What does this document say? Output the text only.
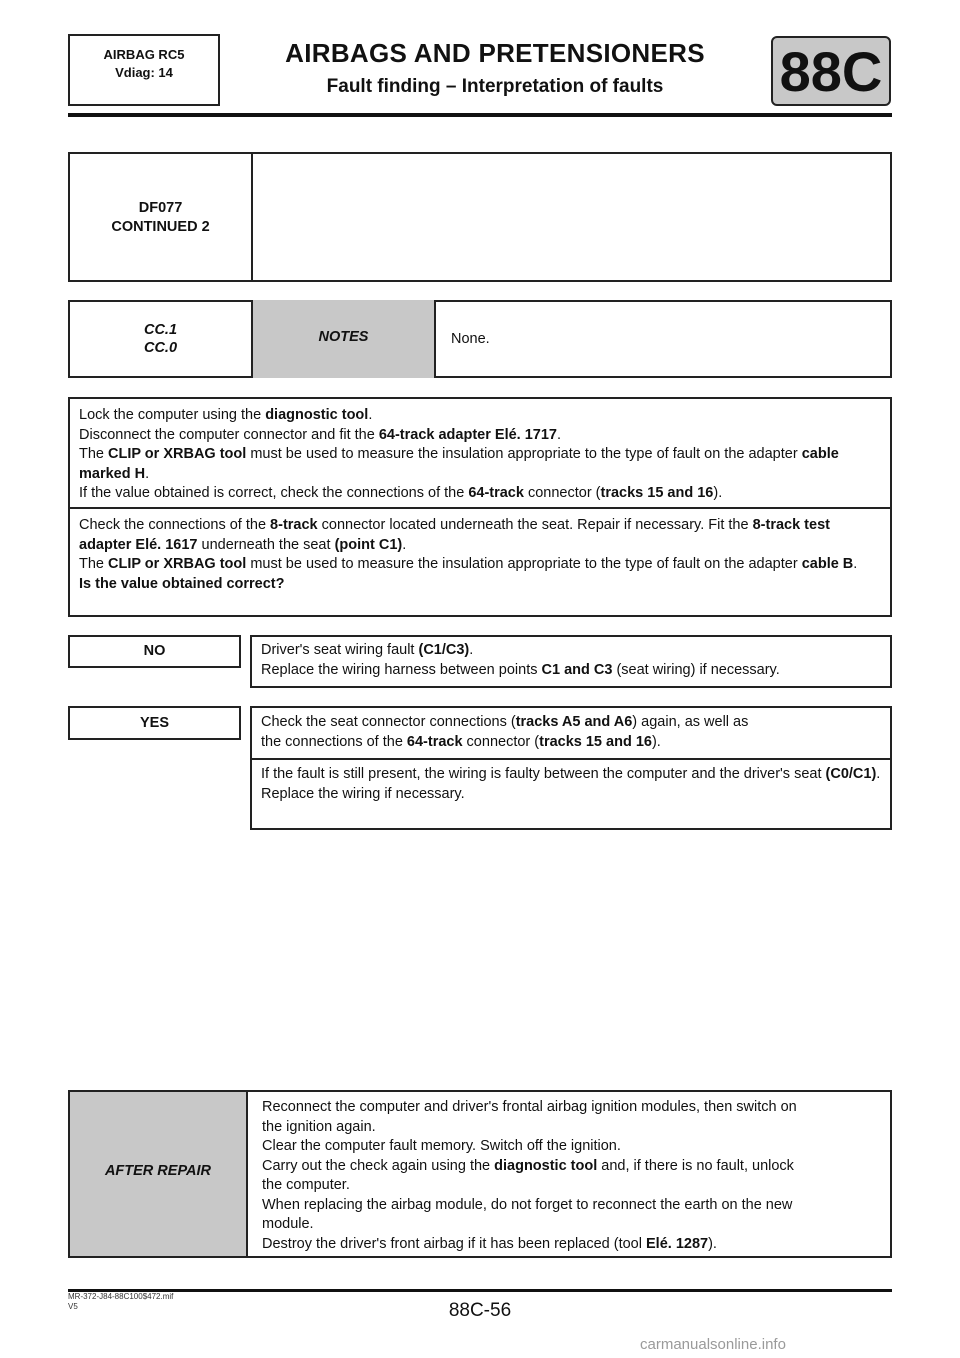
AIRBAG RC5
Vdiag: 14
AIRBAGS AND PRETENSIONERS
Fault finding – Interpretation of faults	88C
DF077
CONTINUED 2
CC.1
CC.0
NOTES	None.
Lock the computer using the diagnostic tool.
Disconnect the computer connector and fit the 64-track adapter Elé. 1717.
The CLIP or XRBAG tool must be used to measure the insulation appropriate to the type of fault on the adapter cable marked H.
If the value obtained is correct, check the connections of the 64-track connector (tracks 15 and 16).
Check the connections of the 8-track connector located underneath the seat. Repair if necessary. Fit the 8-track test adapter Elé. 1617 underneath the seat (point C1).
The CLIP or XRBAG tool must be used to measure the insulation appropriate to the type of fault on the adapter cable B.
Is the value obtained correct?
NO	Driver's seat wiring fault (C1/C3).
Replace the wiring harness between points C1 and C3 (seat wiring) if necessary.
YES	Check the seat connector connections (tracks A5 and A6) again, as well as
the connections of the 64-track connector (tracks 15 and 16).
If the fault is still present, the wiring is faulty between the computer and the driver's seat (C0/C1).
Replace the wiring if necessary.
AFTER REPAIR
Reconnect the computer and driver's frontal airbag ignition modules, then switch on
the ignition again.
Clear the computer fault memory. Switch off the ignition.
Carry out the check again using the diagnostic tool and, if there is no fault, unlock
the computer.
When replacing the airbag module, do not forget to reconnect the earth on the new
module.
Destroy the driver's front airbag if it has been replaced (tool Elé. 1287).
MR-372-J84-88C100$472.mif
V5	88C-56
carmanualsonline.info
